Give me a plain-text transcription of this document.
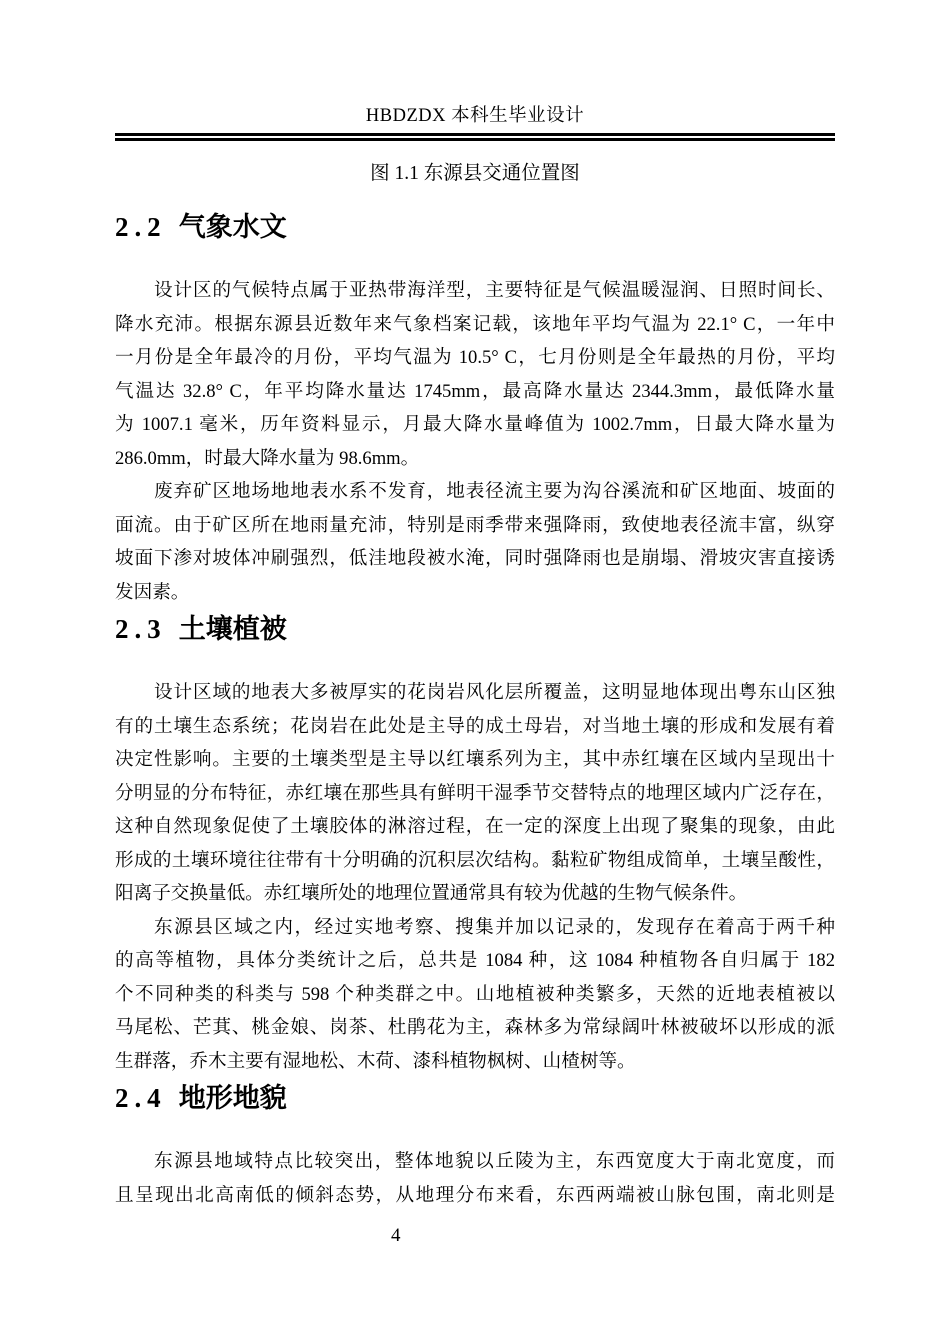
HBDZDX 本科生毕业设计
图 1.1 东源县交通位置图
2.2 气象水文
设计区的气候特点属于亚热带海洋型，主要特征是气候温暖湿润、日照时间长、
降水充沛。根据东源县近数年来气象档案记载，该地年平均气温为 22.1° C，一年中
一月份是全年最冷的月份，平均气温为 10.5° C，七月份则是全年最热的月份，平均
气温达 32.8° C，年平均降水量达 1745mm，最高降水量达 2344.3mm，最低降水量
为 1007.1 毫米，历年资料显示，月最大降水量峰值为 1002.7mm，日最大降水量为
286.0mm，时最大降水量为 98.6mm。
废弃矿区地场地地表水系不发育，地表径流主要为沟谷溪流和矿区地面、坡面的
面流。由于矿区所在地雨量充沛，特别是雨季带来强降雨，致使地表径流丰富，纵穿
坡面下渗对坡体冲刷强烈，低洼地段被水淹，同时强降雨也是崩塌、滑坡灾害直接诱
发因素。
2.3 土壤植被
设计区域的地表大多被厚实的花岗岩风化层所覆盖，这明显地体现出粤东山区独
有的土壤生态系统；花岗岩在此处是主导的成土母岩，对当地土壤的形成和发展有着
决定性影响。主要的土壤类型是主导以红壤系列为主，其中赤红壤在区域内呈现出十
分明显的分布特征，赤红壤在那些具有鲜明干湿季节交替特点的地理区域内广泛存在，
这种自然现象促使了土壤胶体的淋溶过程，在一定的深度上出现了聚集的现象，由此
形成的土壤环境往往带有十分明确的沉积层次结构。黏粒矿物组成简单，土壤呈酸性，
阳离子交换量低。赤红壤所处的地理位置通常具有较为优越的生物气候条件。
东源县区域之内，经过实地考察、搜集并加以记录的，发现存在着高于两千种
的高等植物，具体分类统计之后，总共是 1084 种，这 1084 种植物各自归属于 182
个不同种类的科类与 598 个种类群之中。山地植被种类繁多，天然的近地表植被以
马尾松、芒萁、桃金娘、岗茶、杜鹃花为主，森林多为常绿阔叶林被破坏以形成的派
生群落，乔木主要有湿地松、木荷、漆科植物枫树、山楂树等。
2.4 地形地貌
东源县地域特点比较突出，整体地貌以丘陵为主，东西宽度大于南北宽度，而
且呈现出北高南低的倾斜态势，从地理分布来看，东西两端被山脉包围，南北则是
4
